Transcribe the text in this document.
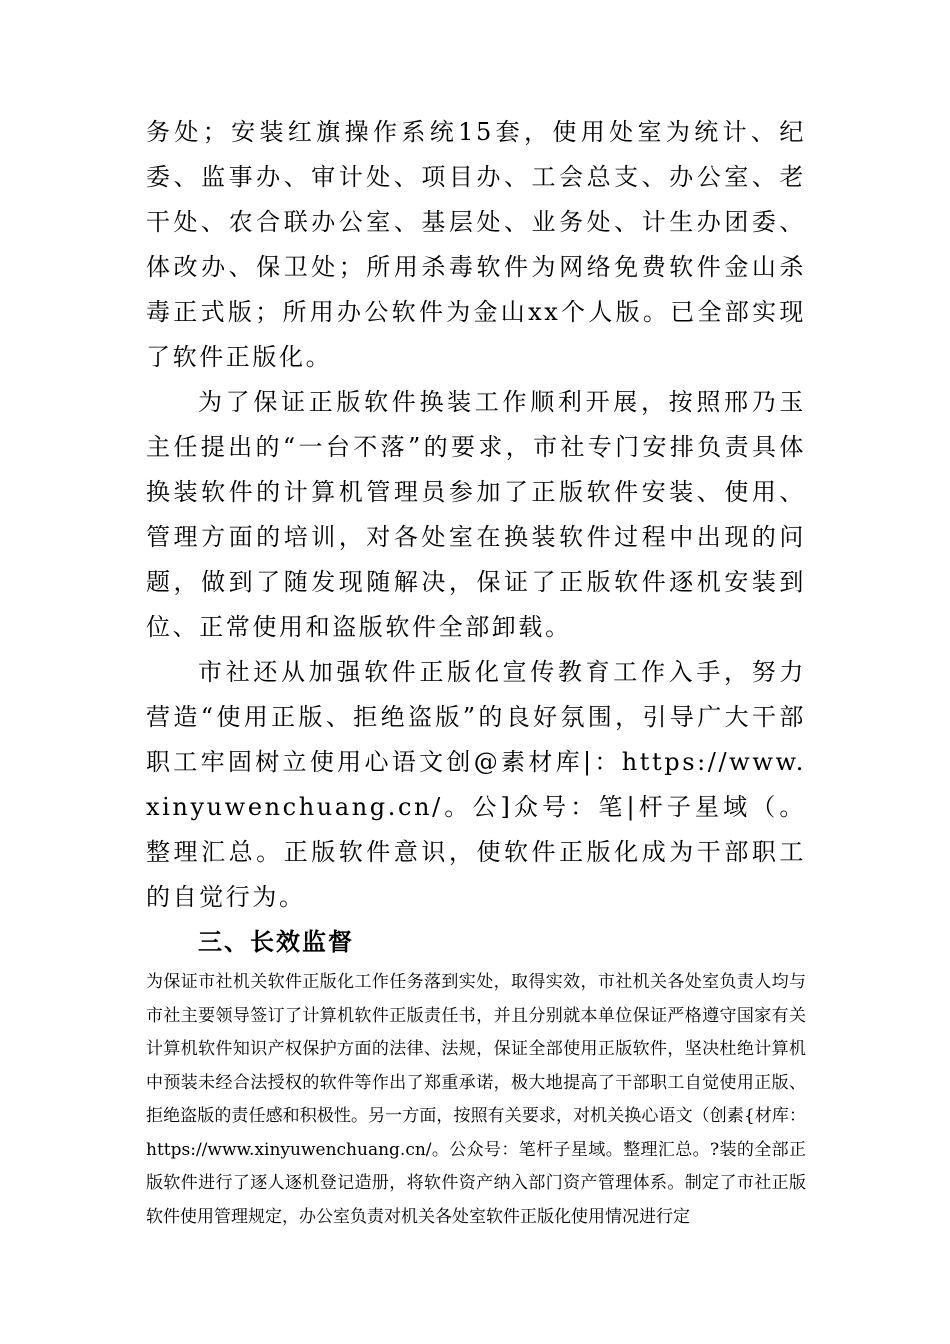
务处；安装红旗操作系统15套，使用处室为统计、纪委、监事办、审计处、项目办、工会总支、办公室、老干处、农合联办公室、基层处、业务处、计生办团委、体改办、保卫处；所用杀毒软件为网络免费软件金山杀毒正式版；所用办公软件为金山xx个人版。已全部实现了软件正版化。

为了保证正版软件换装工作顺利开展，按照邢乃玉主任提出的“一台不落”的要求，市社专门安排负责具体换装软件的计算机管理员参加了正版软件安装、使用、管理方面的培训，对各处室在换装软件过程中出现的问题，做到了随发现随解决，保证了正版软件逐机安装到位、正常使用和盗版软件全部卸载。

市社还从加强软件正版化宣传教育工作入手，努力营造“使用正版、拒绝盗版”的良好氛围，引导广大干部职工牢固树立使用心语文创@素材库|：https://www.xinyuwenchuang.cn/。公]众号：笔|杆子星域（。整理汇总。正版软件意识，使软件正版化成为干部职工的自觉行为。

三、长效监督

为保证市社机关软件正版化工作任务落到实处，取得实效，市社机关各处室负责人均与市社主要领导签订了计算机软件正版责任书，并且分别就本单位保证严格遵守国家有关计算机软件知识产权保护方面的法律、法规，保证全部使用正版软件，坚决杜绝计算机中预装未经合法授权的软件等作出了郑重承诺，极大地提高了干部职工自觉使用正版、拒绝盗版的责任感和积极性。另一方面，按照有关要求，对机关换心语文（创素{材库：https://www.xinyuwenchuang.cn/。公众号：笔杆子星域。整理汇总。?装的全部正版软件进行了逐人逐机登记造册，将软件资产纳入部门资产管理体系。制定了市社正版软件使用管理规定，办公室负责对机关各处室软件正版化使用情况进行定
